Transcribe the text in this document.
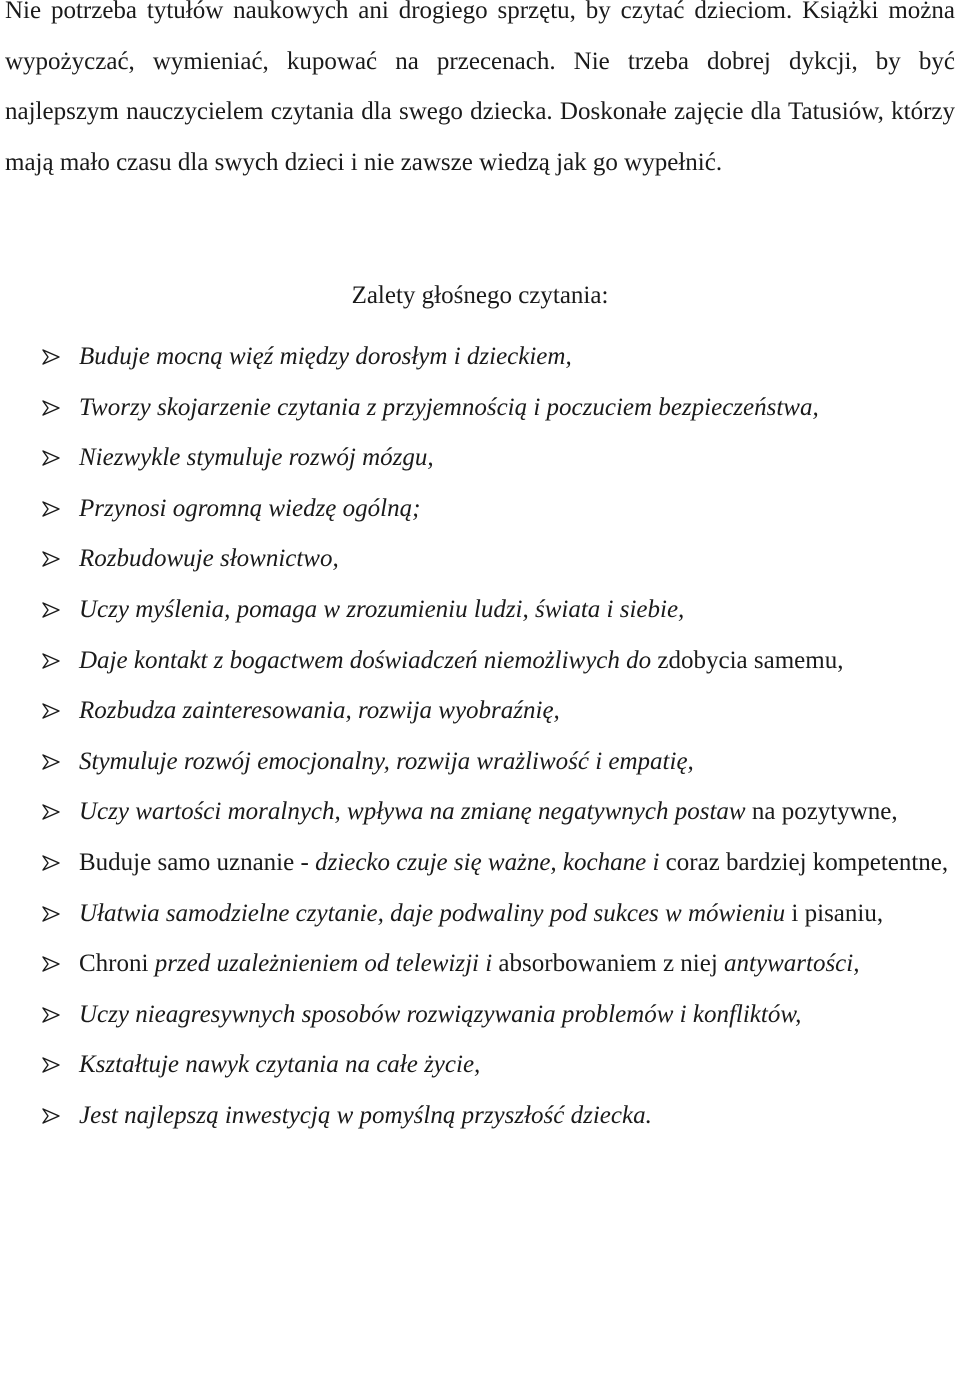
Nie potrzeba tytułów naukowych ani drogiego sprzętu, by czytać dzieciom. Książki można wypożyczać, wymieniać, kupować na przecenach. Nie trzeba dobrej dykcji, by być najlepszym nauczycielem czytania dla swego dziecka. Doskonałe zajęcie dla Tatusiów, którzy mają mało czasu dla swych dzieci i nie zawsze wiedzą jak go wypełnić.

Zalety głośnego czytania:
Buduje mocną więź między dorosłym i dzieckiem,
Tworzy skojarzenie czytania z przyjemnością i poczuciem bezpieczeństwa,
Niezwykle stymuluje rozwój mózgu,
Przynosi ogromną wiedzę ogólną;
Rozbudowuje słownictwo,
Uczy myślenia, pomaga w zrozumieniu ludzi, świata i siebie,
Daje kontakt z bogactwem doświadczeń niemożliwych do zdobycia samemu,
Rozbudza zainteresowania, rozwija wyobraźnię,
Stymuluje rozwój emocjonalny, rozwija wrażliwość i empatię,
Uczy wartości moralnych, wpływa na zmianę negatywnych postaw na pozytywne,
Buduje samo uznanie - dziecko czuje się ważne, kochane i coraz bardziej kompetentne,
Ułatwia samodzielne czytanie, daje podwaliny pod sukces w mówieniu i pisaniu,
Chroni przed uzależnieniem od telewizji i absorbowaniem z niej antywartości,
Uczy nieagresywnych sposobów rozwiązywania problemów i konfliktów,
Kształtuje nawyk czytania na całe życie,
Jest najlepszą inwestycją w pomyślną przyszłość dziecka.
